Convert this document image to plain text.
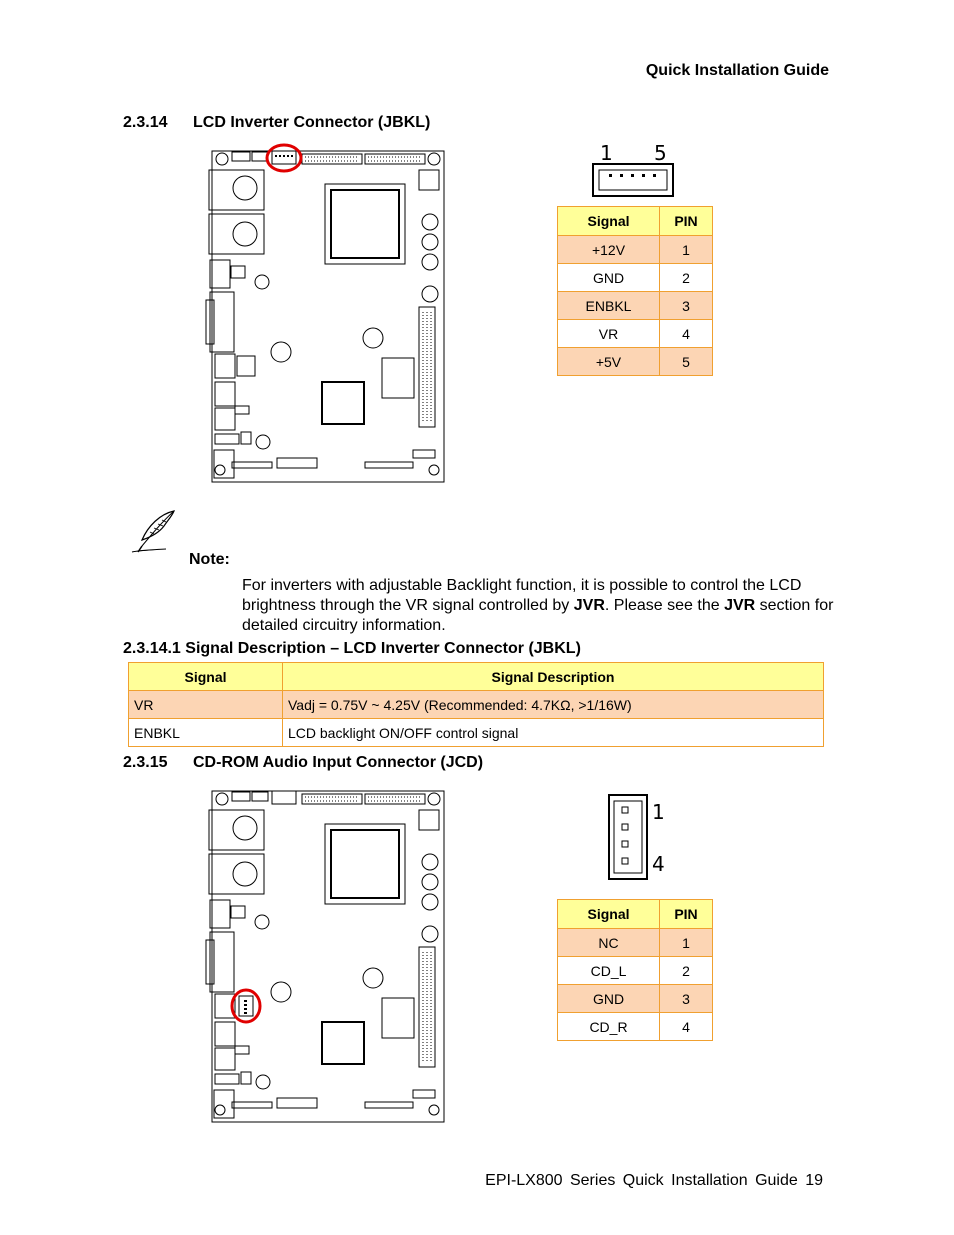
Quick Installation Guide
2.3.14 LCD Inverter Connector (JBKL)
1 5
Signal	PIN
+12V	1
GND	2
ENBKL	3
VR	4
+5V	5
Note:
For inverters with adjustable Backlight function, it is possible to control the LCD brightness through the VR signal controlled by JVR. Please see the JVR section for detailed circuitry information.
2.3.14.1 Signal Description – LCD Inverter Connector (JBKL)
Signal	Signal Description
VR	Vadj = 0.75V ~ 4.25V (Recommended: 4.7KΩ, >1/16W)
ENBKL	LCD backlight ON/OFF control signal
2.3.15 CD-ROM Audio Input Connector (JCD)
1
4
Signal	PIN
NC	1
CD_L	2
GND	3
CD_R	4
EPI-LX800 Series Quick Installation Guide 19
